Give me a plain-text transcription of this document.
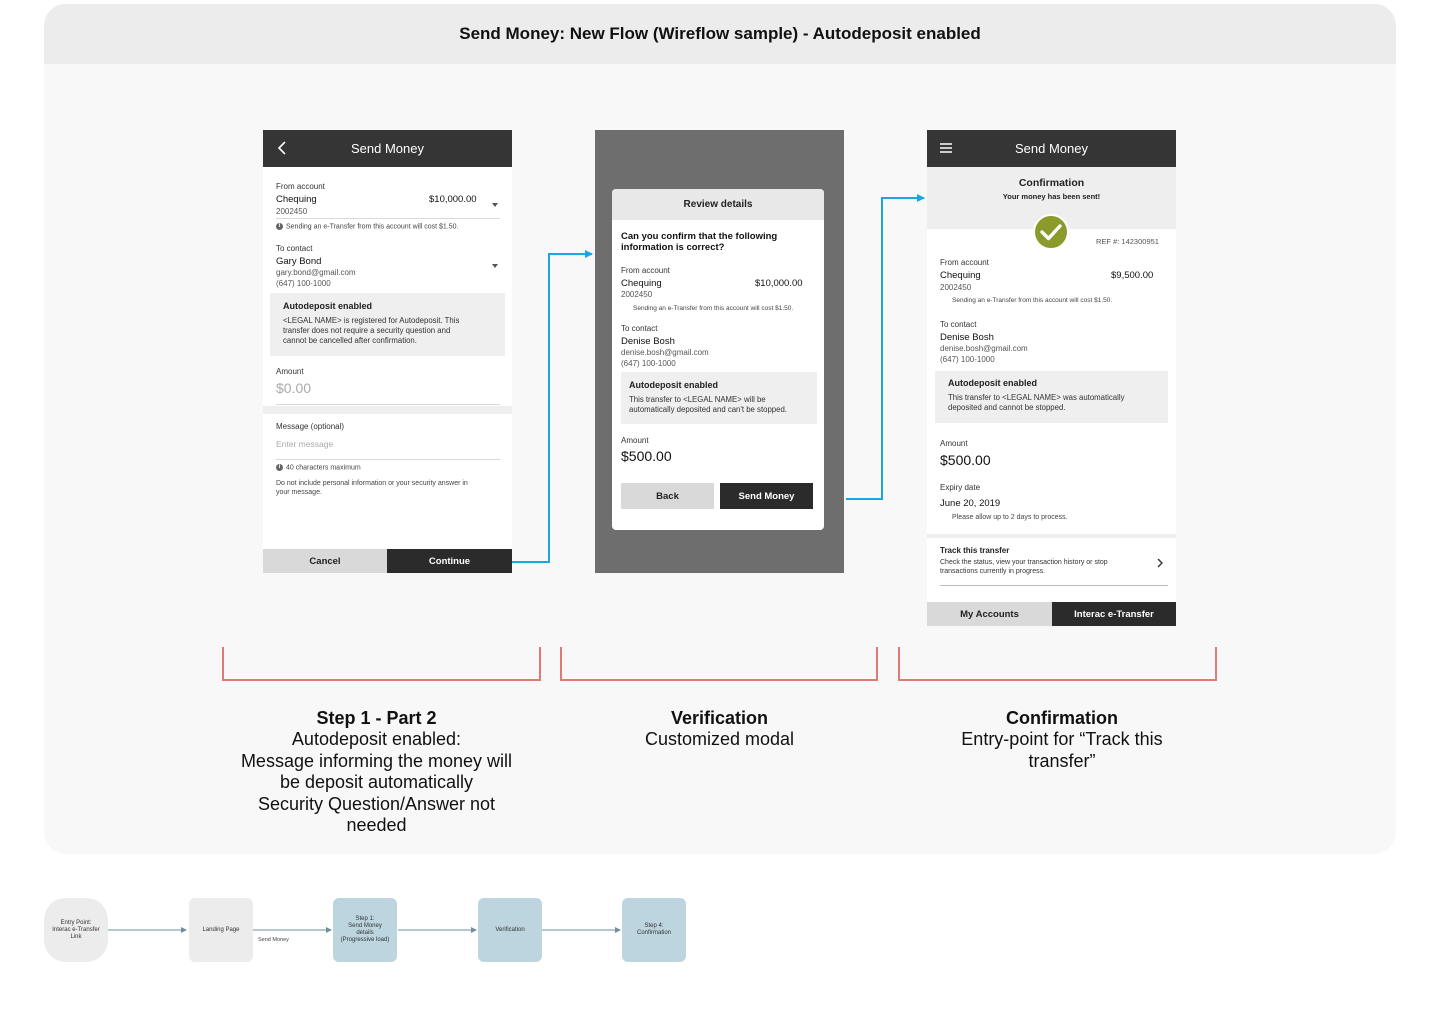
Send Money: New Flow (Wireflow sample) - Autodeposit enabled
Send Money
From account
Chequing	$10,000.00
2002450
i Sending an e-Transfer from this account will cost $1.50.
To contact
Gary Bond
gary.bond@gmail.com
(647) 100-1000
Autodeposit enabled
<LEGAL NAME> is registered for Autodeposit. This
transfer does not require a security question and
cannot be cancelled after confirmation.
Amount
$0.00
Message (optional)
Enter message
i 40 characters maximum
Do not include personal information or your security answer in
your message.
Cancel	Continue
Review details
Can you confirm that the following
information is correct?
From account
Chequing	$10,000.00
2002450
Sending an e-Transfer from this account will cost $1.50.
To contact
Denise Bosh
denise.bosh@gmail.com
(647) 100-1000
Autodeposit enabled
This transfer to <LEGAL NAME> will be
automatically deposited and can't be stopped.
Amount
$500.00
Back	Send Money
Send Money
Confirmation
Your money has been sent!
REF #: 142300951
From account
Chequing	$9,500.00
2002450
Sending an e-Transfer from this account will cost $1.50.
To contact
Denise Bosh
denise.bosh@gmail.com
(647) 100-1000
Autodeposit enabled
This transfer to <LEGAL NAME> was automatically
deposited and cannot be stopped.
Amount
$500.00
Expiry date
June 20, 2019
Please allow up to 2 days to process.
Track this transfer
Check the status, view your transaction history or stop
transactions currently in progress.
My Accounts	Interac e-Transfer
Step 1 - Part 2
Autodeposit enabled:
Message informing the money will
be deposit automatically
Security Question/Answer not
needed
Verification
Customized modal
Confirmation
Entry-point for “Track this
transfer”
Entry Point:
Interac e-Transfer
Link
Landing Page
Send Money
Step 1:
Send Money
details
(Progressive load)
Verification
Step 4:
Confirmation
